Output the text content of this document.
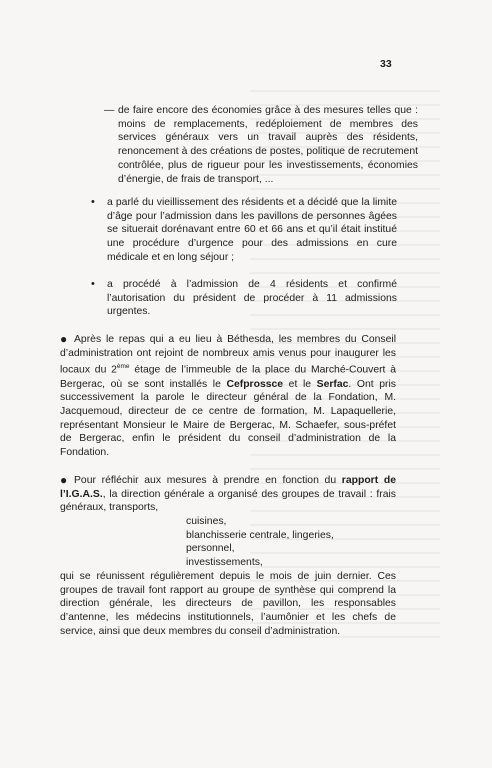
33

— de faire encore des économies grâce à des mesures telles que : moins de remplacements, redéploiement de membres des services généraux vers un travail auprès des résidents, renoncement à des créations de postes, politique de recrutement contrôlée, plus de rigueur pour les investissements, économies d’énergie, de frais de transport, ...

• a parlé du vieillissement des résidents et a décidé que la limite d’âge pour l’admission dans les pavillons de personnes âgées se situerait dorénavant entre 60 et 66 ans et qu’il était institué une procédure d’urgence pour des admissions en cure médicale et en long séjour ;

• a procédé à l’admission de 4 résidents et confirmé l’autorisation du président de procéder à 11 admissions urgentes.

● Après le repas qui a eu lieu à Béthesda, les membres du Conseil d’administration ont rejoint de nombreux amis venus pour inaugurer les locaux du 2ème étage de l’immeuble de la place du Marché-Couvert à Bergerac, où se sont installés le Cefprossce et le Serfac. Ont pris successivement la parole le directeur général de la Fondation, M. Jacquemoud, directeur de ce centre de formation, M. Lapaquellerie, représentant Monsieur le Maire de Bergerac, M. Schaefer, sous-préfet de Bergerac, enfin le président du conseil d’administration de la Fondation.

● Pour réfléchir aux mesures à prendre en fonction du rapport de l’I.G.A.S., la direction générale a organisé des groupes de travail : frais généraux, transports,

cuisines,

blanchisserie centrale, lingeries,

personnel,

investissements,

qui se réunissent régulièrement depuis le mois de juin dernier. Ces groupes de travail font rapport au groupe de synthèse qui comprend la direction générale, les directeurs de pavillon, les responsables d’antenne, les médecins institutionnels, l’aumônier et les chefs de service, ainsi que deux membres du conseil d’administration.
